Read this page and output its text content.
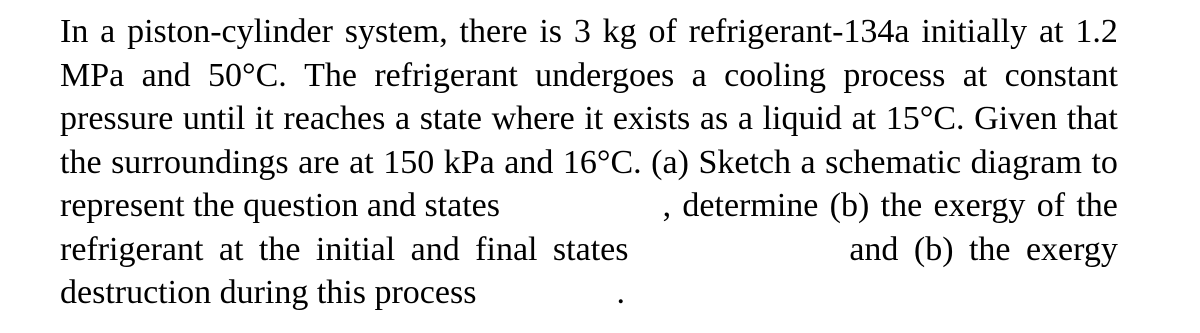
In a piston-cylinder system, there is 3 kg of refrigerant-134a initially at 1.2
MPa and 50°C. The refrigerant undergoes a cooling process at constant
pressure until it reaches a state where it exists as a liquid at 15°C. Given that
the surroundings are at 150 kPa and 16°C. (a) Sketch a schematic diagram to
represent the question and states	, determine (b) the exergy of the
refrigerant at the initial and final states	and (b) the exergy
destruction during this process	.
